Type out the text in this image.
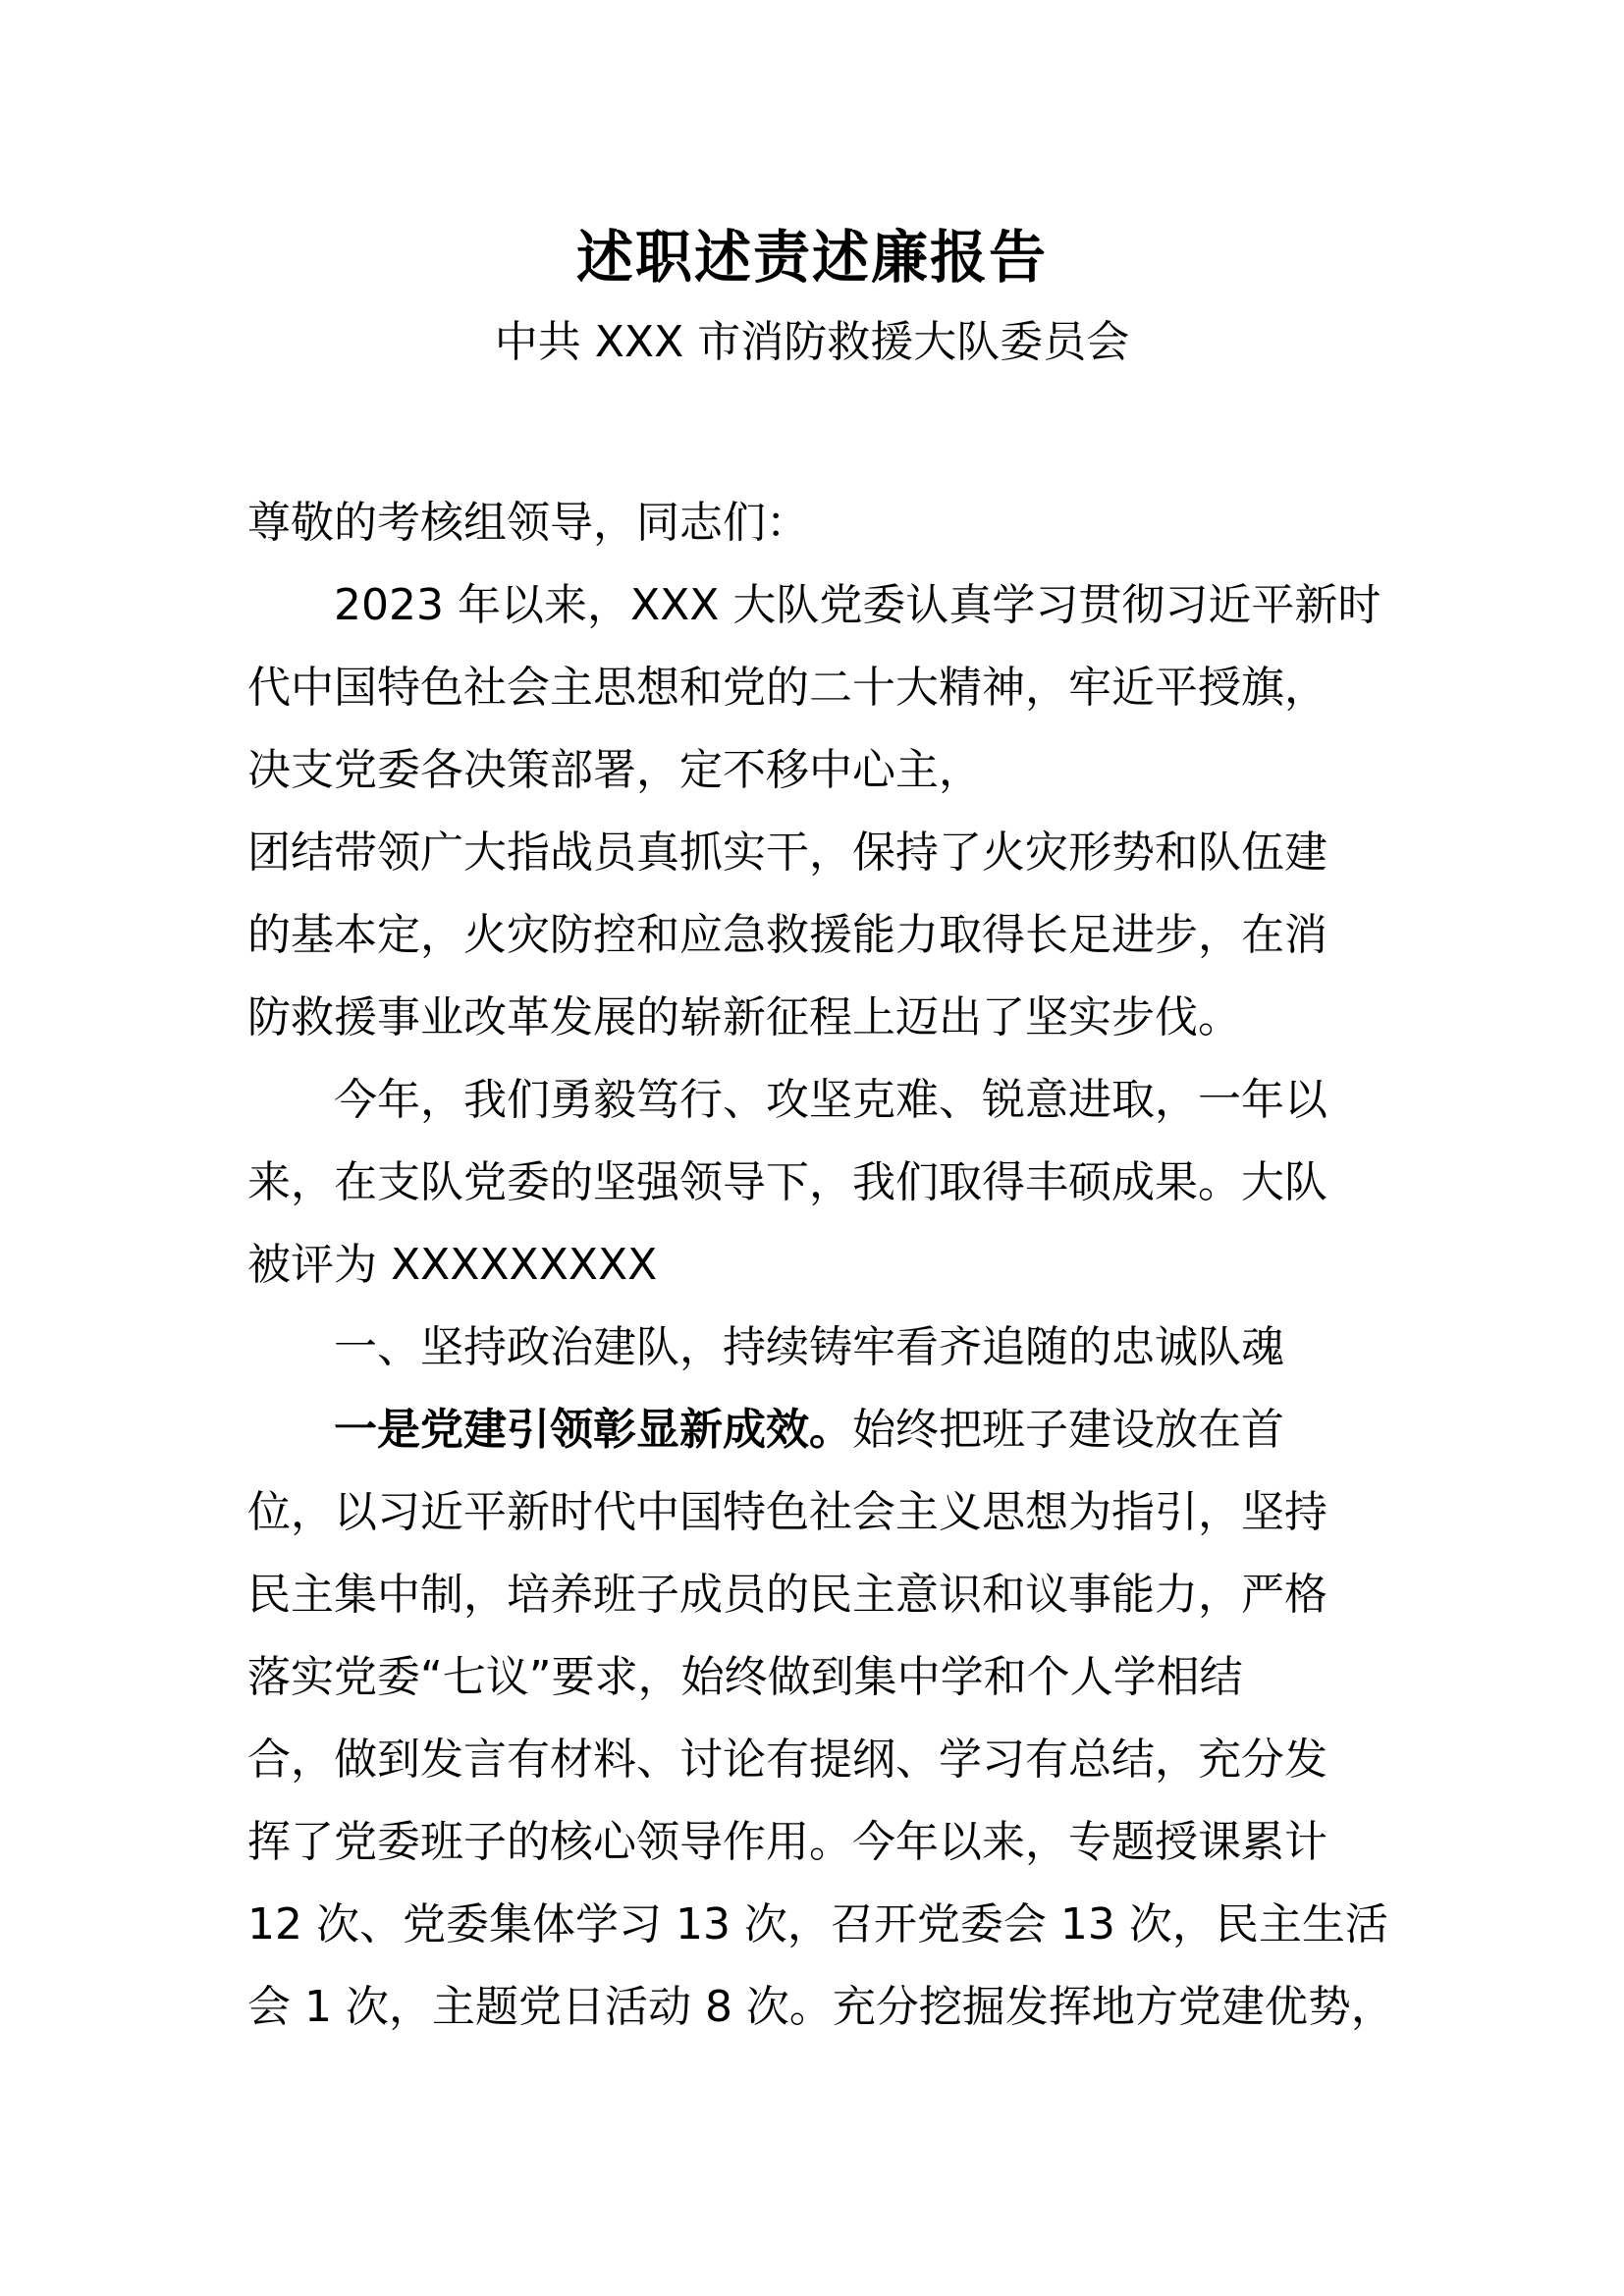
述职述责述廉报告
中共 XXX 市消防救援大队委员会
尊敬的考核组领导，同志们：
2023 年以来，XXX 大队党委认真学习贯彻习近平新时
代中国特色社会主思想和党的二十大精神，牢近平授旗，
决支党委各决策部署，定不移中心主，
团结带领广大指战员真抓实干，保持了火灾形势和队伍建
的基本定，火灾防控和应急救援能力取得长足进步，在消
防救援事业改革发展的崭新征程上迈出了坚实步伐。
今年，我们勇毅笃行、攻坚克难、锐意进取，一年以
来，在支队党委的坚强领导下，我们取得丰硕成果。大队
被评为 XXXXXXXXX
一、坚持政治建队，持续铸牢看齐追随的忠诚队魂
一是党建引领彰显新成效。始终把班子建设放在首
位，以习近平新时代中国特色社会主义思想为指引，坚持
民主集中制，培养班子成员的民主意识和议事能力，严格
落实党委“七议”要求，始终做到集中学和个人学相结
合，做到发言有材料、讨论有提纲、学习有总结，充分发
挥了党委班子的核心领导作用。今年以来，专题授课累计
12 次、党委集体学习 13 次，召开党委会 13 次，民主生活
会 1 次，主题党日活动 8 次。充分挖掘发挥地方党建优势，
